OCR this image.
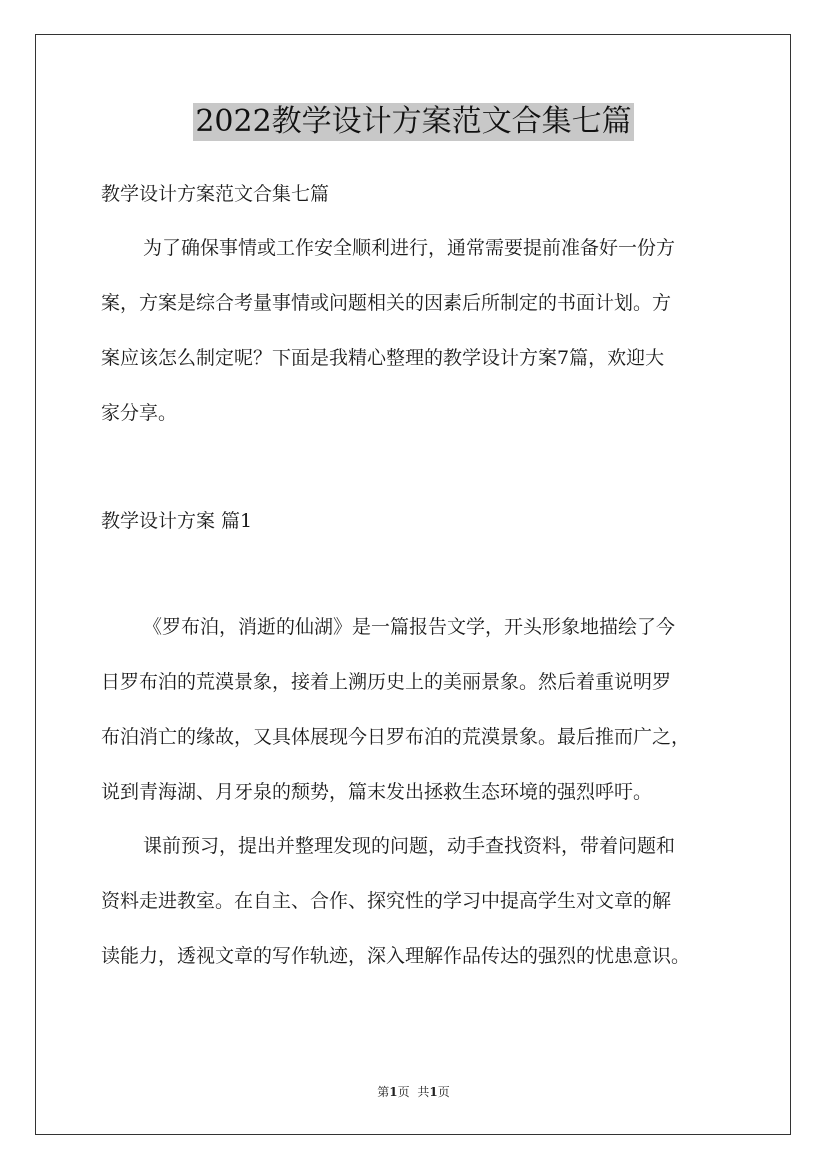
2022教学设计方案范文合集七篇
教学设计方案范文合集七篇
为了确保事情或工作安全顺利进行，通常需要提前准备好一份方
案，方案是综合考量事情或问题相关的因素后所制定的书面计划。方
案应该怎么制定呢？下面是我精心整理的教学设计方案7篇，欢迎大
家分享。
教学设计方案 篇1
《罗布泊，消逝的仙湖》是一篇报告文学，开头形象地描绘了今
日罗布泊的荒漠景象，接着上溯历史上的美丽景象。然后着重说明罗
布泊消亡的缘故，又具体展现今日罗布泊的荒漠景象。最后推而广之，
说到青海湖、月牙泉的颓势，篇末发出拯救生态环境的强烈呼吁。
课前预习，提出并整理发现的问题，动手查找资料，带着问题和
资料走进教室。在自主、合作、探究性的学习中提高学生对文章的解
读能力，透视文章的写作轨迹，深入理解作品传达的强烈的忧患意识。
第1页 共1页
